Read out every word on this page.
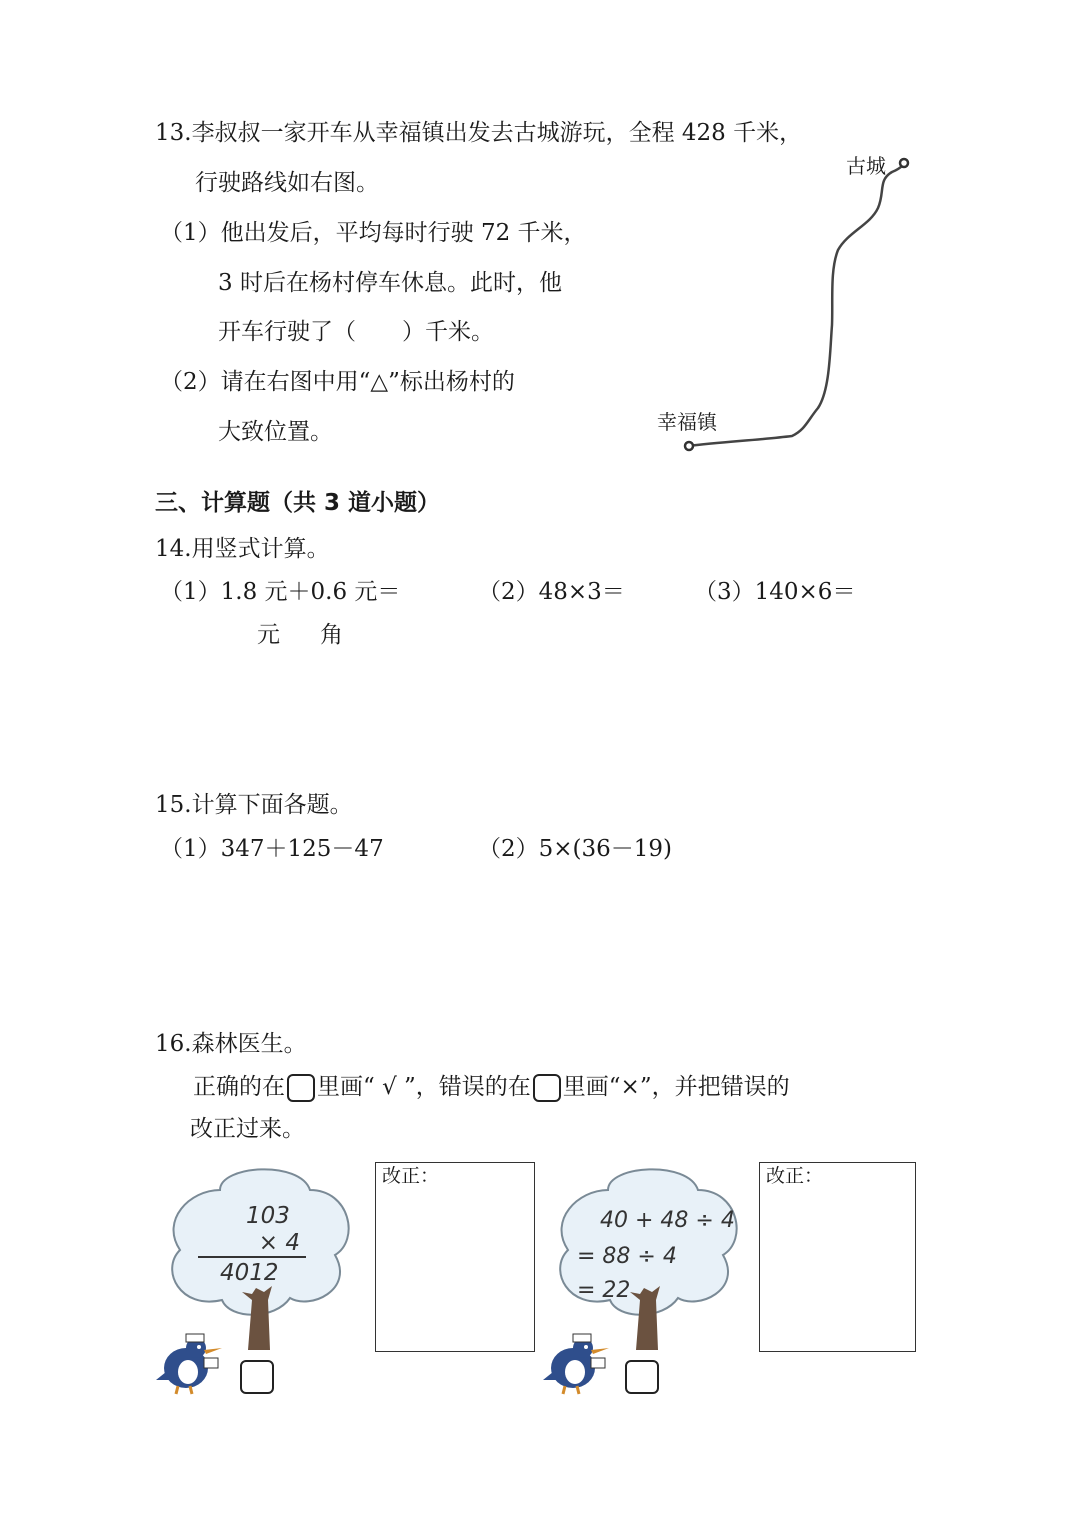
13.李叔叔一家开车从幸福镇出发去古城游玩，全程 428 千米，
行驶路线如右图。
（1）他出发后，平均每时行驶 72 千米，
3 时后在杨村停车休息。此时，他
开车行驶了（　　）千米。
（2）请在右图中用“△”标出杨村的
大致位置。	幸福镇
古城
三、计算题（共 3 道小题）
14.用竖式计算。
（1）1.8 元＋0.6 元＝
元 角
（2）48×3＝	（3）140×6＝
15.计算下面各题。
（1）347＋125－47	（2）5×(36－19)
16.森林医生。
正确的在 里画“ √ ”，错误的在 里画“×”，并把错误的
改正过来。
103
× 4
4012
改正：
40 + 48 ÷ 4
= 88 ÷ 4
= 22
改正：
